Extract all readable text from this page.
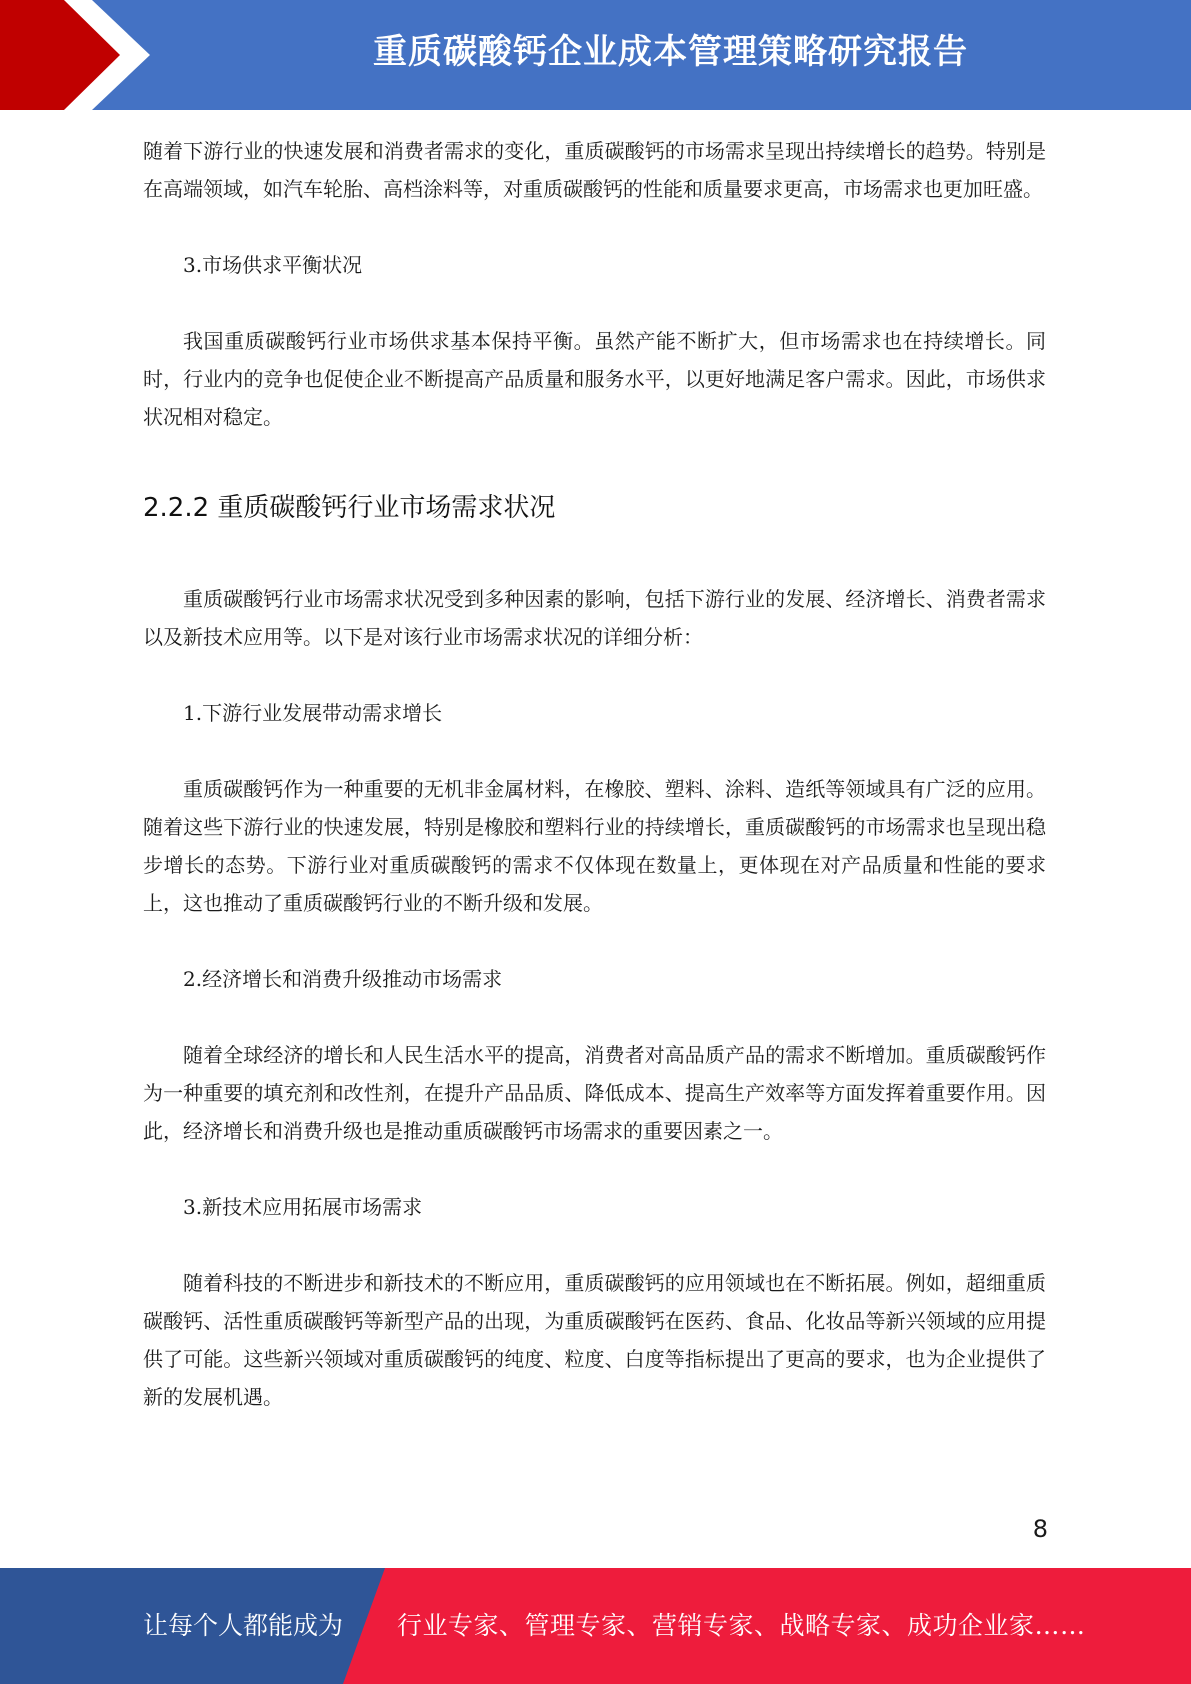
重质碳酸钙企业成本管理策略研究报告

随着下游行业的快速发展和消费者需求的变化，重质碳酸钙的市场需求呈现出持续增长的趋势。特别是在高端领域，如汽车轮胎、高档涂料等，对重质碳酸钙的性能和质量要求更高，市场需求也更加旺盛。

3.市场供求平衡状况

我国重质碳酸钙行业市场供求基本保持平衡。虽然产能不断扩大，但市场需求也在持续增长。同时，行业内的竞争也促使企业不断提高产品质量和服务水平，以更好地满足客户需求。因此，市场供求状况相对稳定。

2.2.2 重质碳酸钙行业市场需求状况

重质碳酸钙行业市场需求状况受到多种因素的影响，包括下游行业的发展、经济增长、消费者需求以及新技术应用等。以下是对该行业市场需求状况的详细分析：

1.下游行业发展带动需求增长

重质碳酸钙作为一种重要的无机非金属材料，在橡胶、塑料、涂料、造纸等领域具有广泛的应用。随着这些下游行业的快速发展，特别是橡胶和塑料行业的持续增长，重质碳酸钙的市场需求也呈现出稳步增长的态势。下游行业对重质碳酸钙的需求不仅体现在数量上，更体现在对产品质量和性能的要求上，这也推动了重质碳酸钙行业的不断升级和发展。

2.经济增长和消费升级推动市场需求

随着全球经济的增长和人民生活水平的提高，消费者对高品质产品的需求不断增加。重质碳酸钙作为一种重要的填充剂和改性剂，在提升产品品质、降低成本、提高生产效率等方面发挥着重要作用。因此，经济增长和消费升级也是推动重质碳酸钙市场需求的重要因素之一。

3.新技术应用拓展市场需求

随着科技的不断进步和新技术的不断应用，重质碳酸钙的应用领域也在不断拓展。例如，超细重质碳酸钙、活性重质碳酸钙等新型产品的出现，为重质碳酸钙在医药、食品、化妆品等新兴领域的应用提供了可能。这些新兴领域对重质碳酸钙的纯度、粒度、白度等指标提出了更高的要求，也为企业提供了新的发展机遇。

8
让每个人都能成为 行业专家、管理专家、营销专家、战略专家、成功企业家……
